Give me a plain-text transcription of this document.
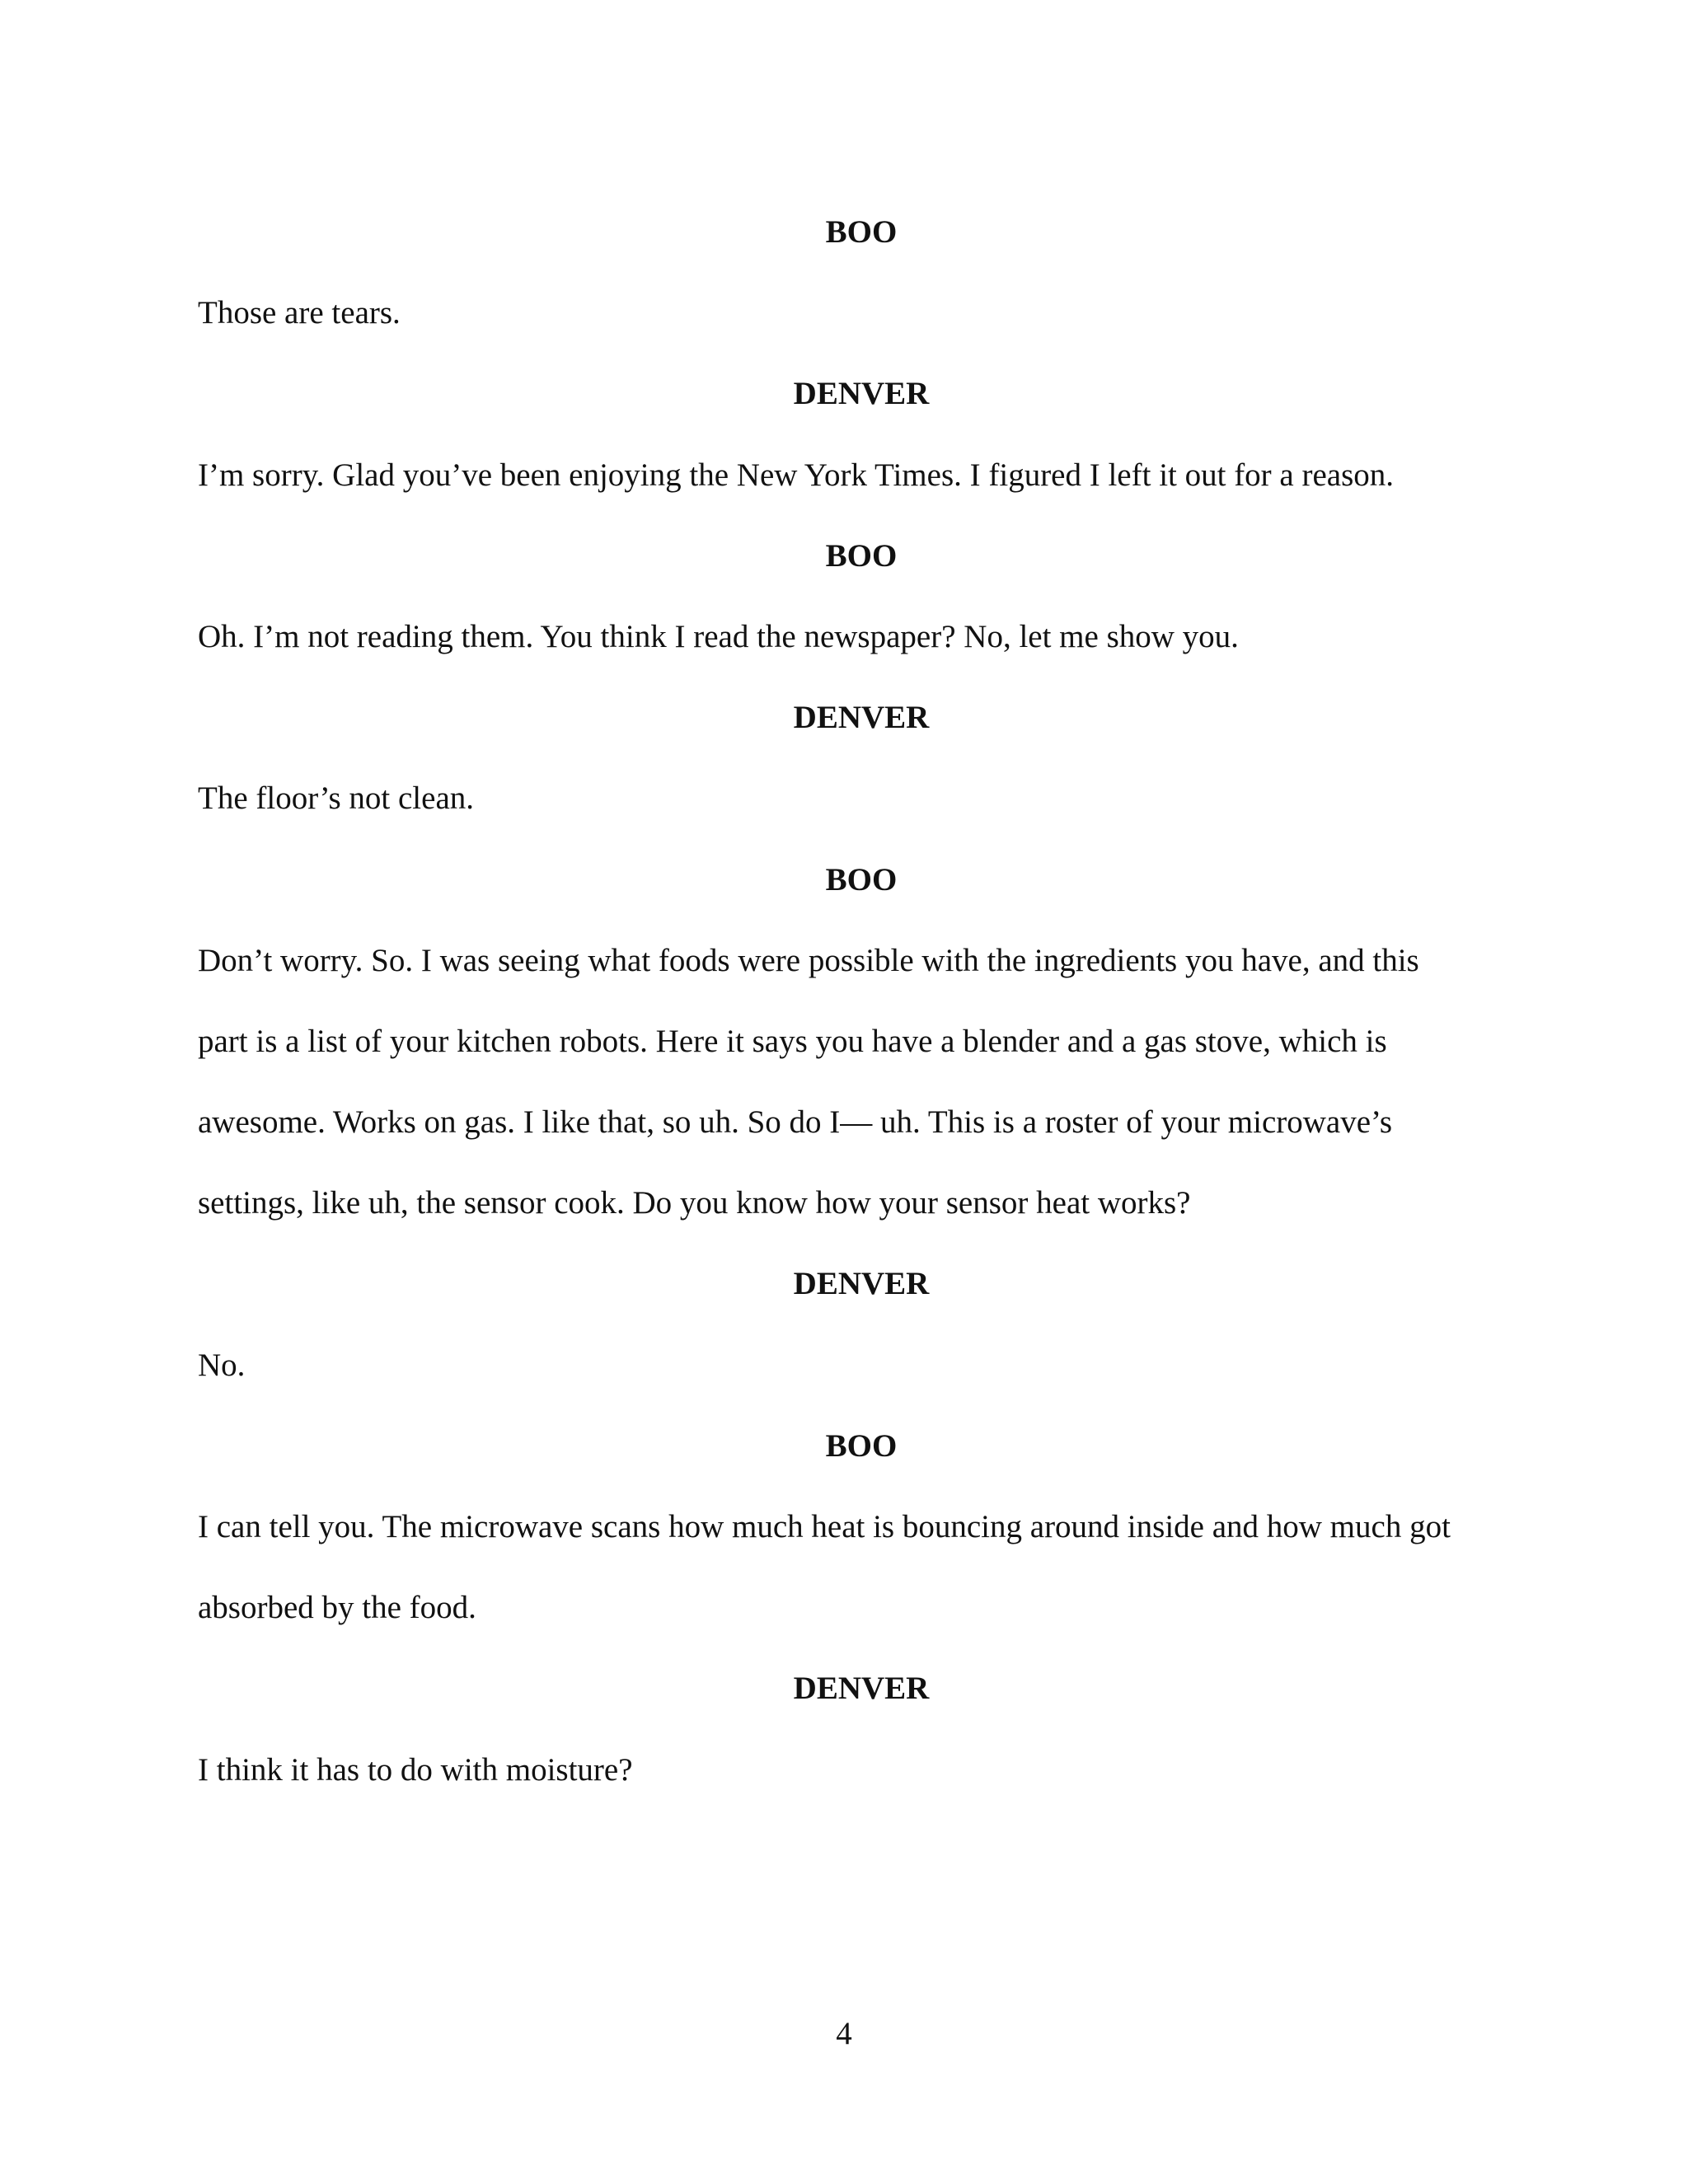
BOO
Those are tears.
DENVER
I’m sorry. Glad you’ve been enjoying the New York Times. I figured I left it out for a reason.
BOO
Oh. I’m not reading them. You think I read the newspaper? No, let me show you.
DENVER
The floor’s not clean.
BOO
Don’t worry. So. I was seeing what foods were possible with the ingredients you have, and this
part is a list of your kitchen robots. Here it says you have a blender and a gas stove, which is
awesome. Works on gas. I like that, so uh. So do I— uh. This is a roster of your microwave’s
settings, like uh, the sensor cook. Do you know how your sensor heat works?
DENVER
No.
BOO
I can tell you. The microwave scans how much heat is bouncing around inside and how much got
absorbed by the food.
DENVER
I think it has to do with moisture?
4
